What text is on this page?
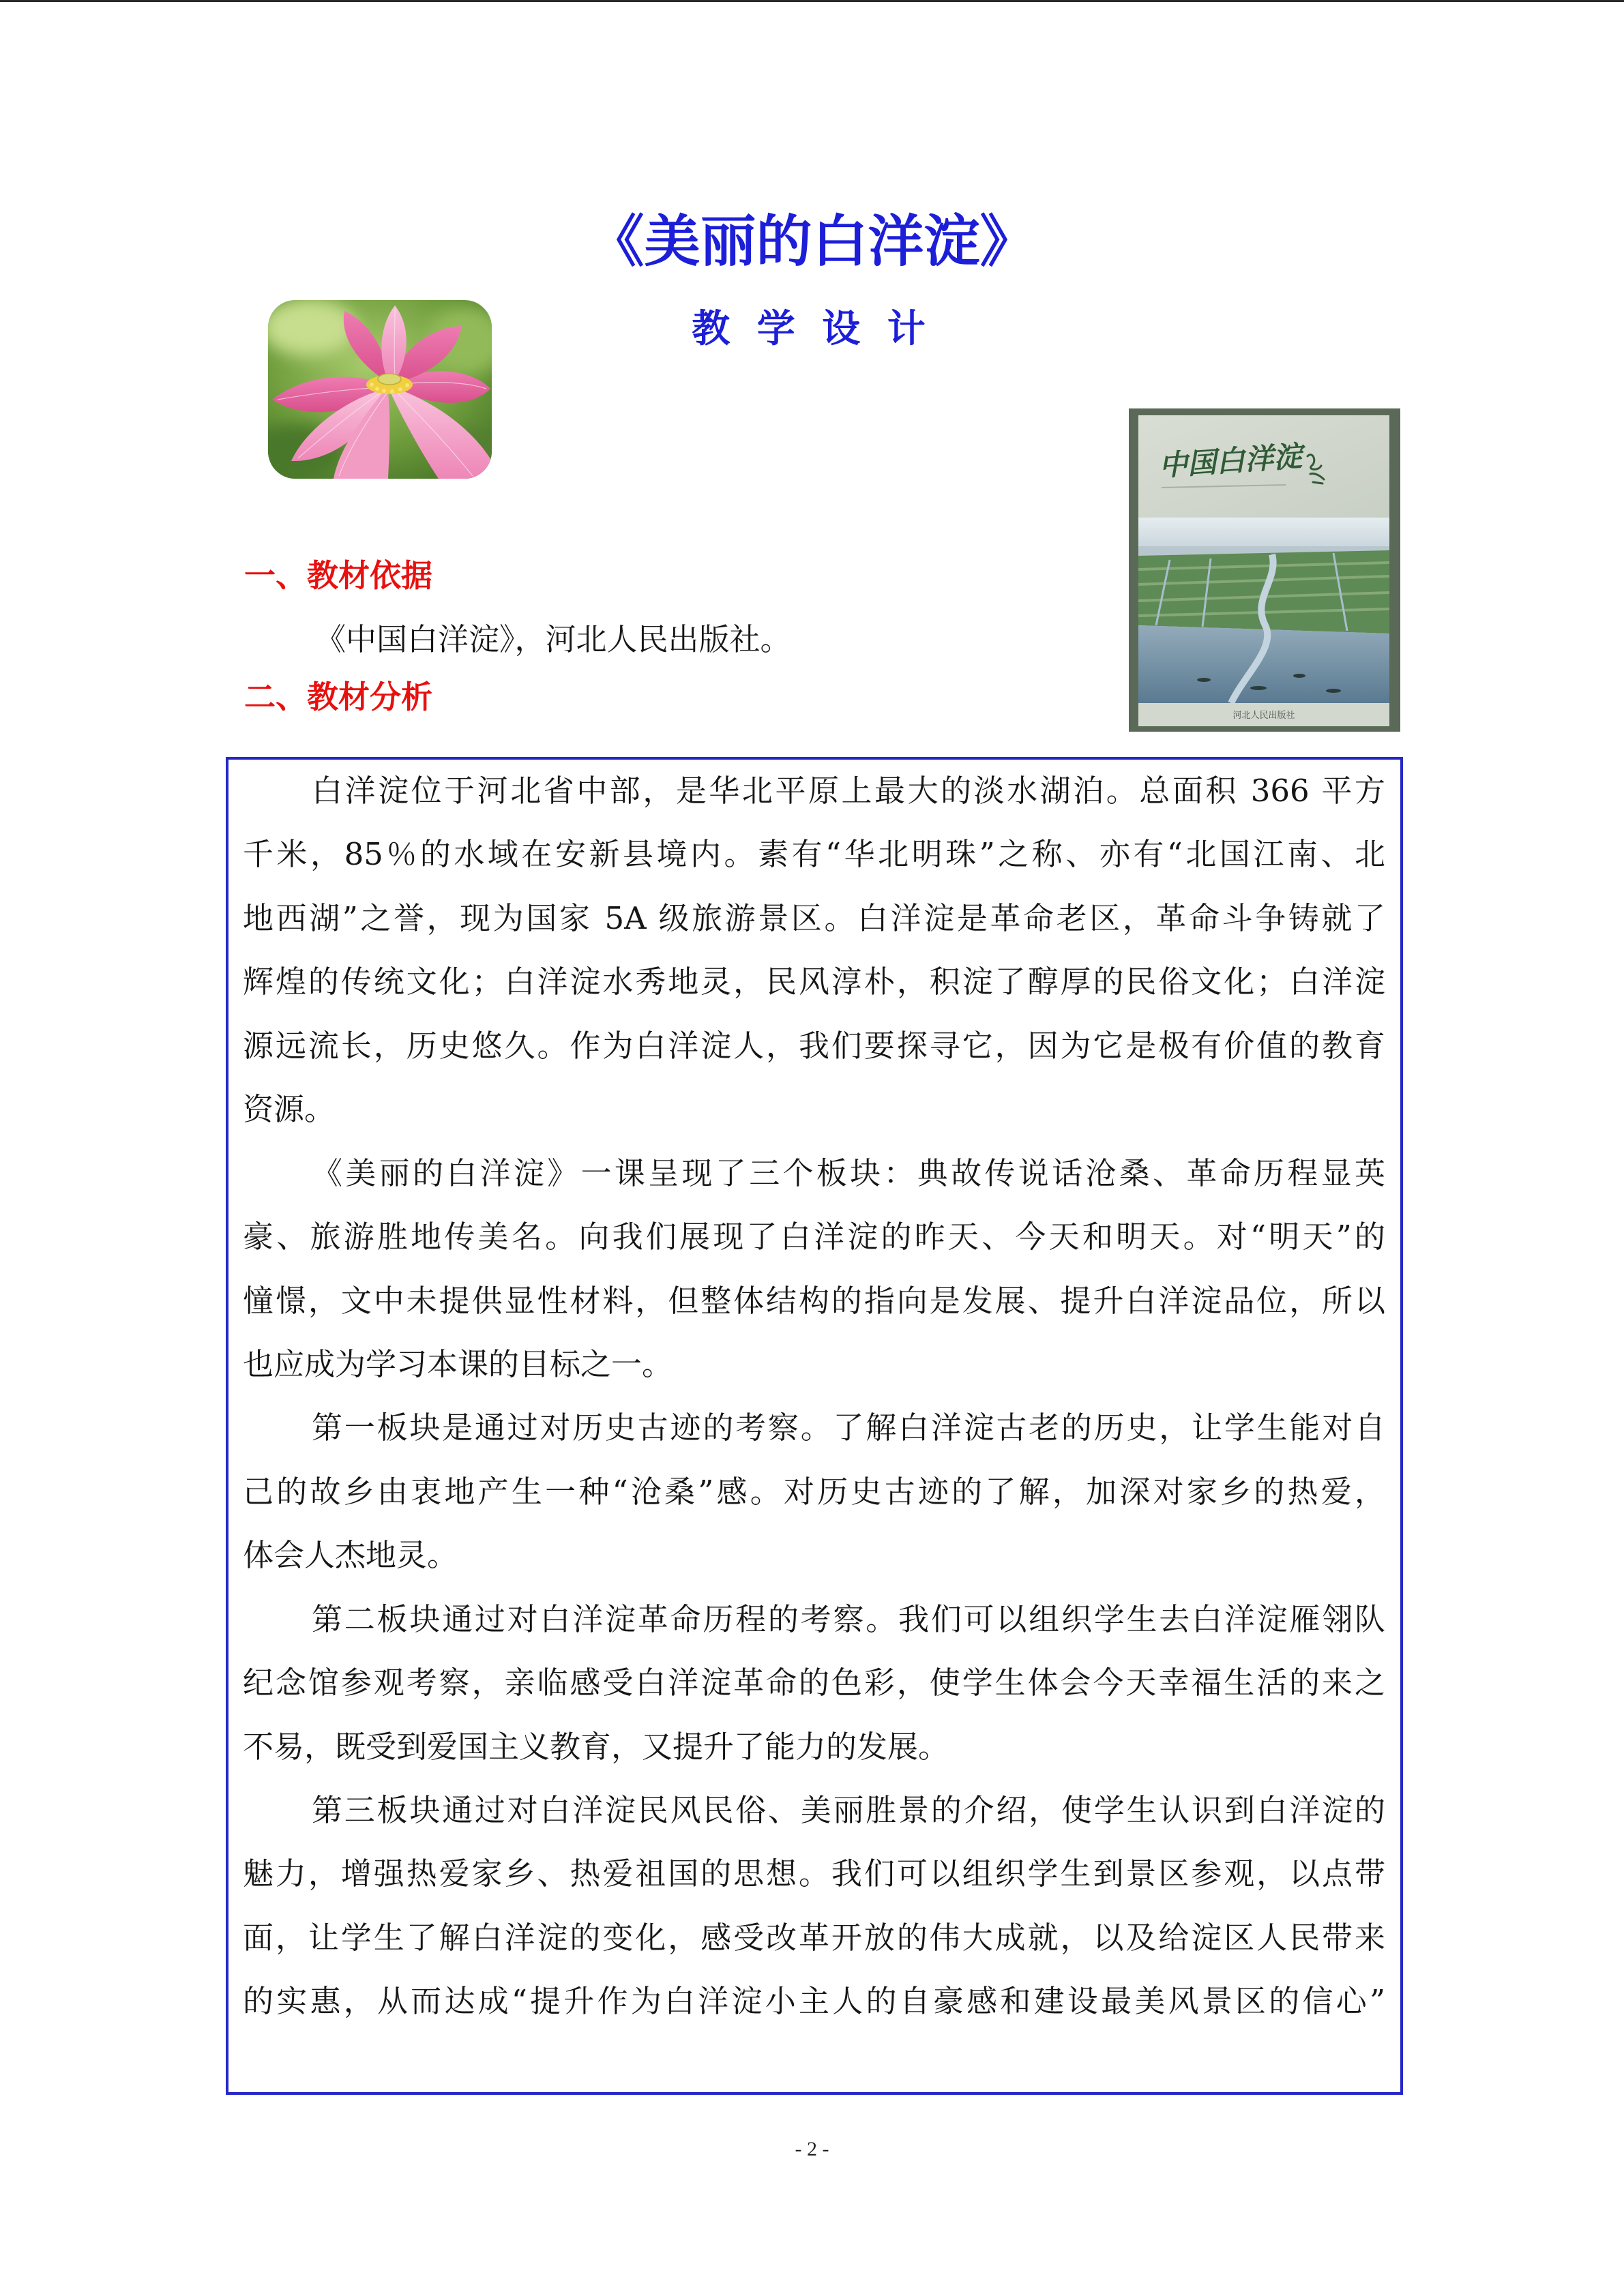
《美丽的白洋淀》
教 学 设 计
中国白洋淀
河北人民出版社
一、教材依据
《中国白洋淀》，河北人民出版社。
二、教材分析
白洋淀位于河北省中部，是华北平原上最大的淡水湖泊。总面积 366 平方
千米，85％的水域在安新县境内。素有“华北明珠”之称、亦有“北国江南、北
地西湖”之誉，现为国家 5A 级旅游景区。白洋淀是革命老区，革命斗争铸就了
辉煌的传统文化；白洋淀水秀地灵，民风淳朴，积淀了醇厚的民俗文化；白洋淀
源远流长，历史悠久。作为白洋淀人，我们要探寻它，因为它是极有价值的教育
资源。
《美丽的白洋淀》一课呈现了三个板块：典故传说话沧桑、革命历程显英
豪、旅游胜地传美名。向我们展现了白洋淀的昨天、今天和明天。对“明天”的
憧憬，文中未提供显性材料，但整体结构的指向是发展、提升白洋淀品位，所以
也应成为学习本课的目标之一。
第一板块是通过对历史古迹的考察。了解白洋淀古老的历史，让学生能对自
己的故乡由衷地产生一种“沧桑”感。对历史古迹的了解，加深对家乡的热爱，
体会人杰地灵。
第二板块通过对白洋淀革命历程的考察。我们可以组织学生去白洋淀雁翎队
纪念馆参观考察，亲临感受白洋淀革命的色彩，使学生体会今天幸福生活的来之
不易，既受到爱国主义教育，又提升了能力的发展。
第三板块通过对白洋淀民风民俗、美丽胜景的介绍，使学生认识到白洋淀的
魅力，增强热爱家乡、热爱祖国的思想。我们可以组织学生到景区参观，以点带
面，让学生了解白洋淀的变化，感受改革开放的伟大成就，以及给淀区人民带来
的实惠，从而达成“提升作为白洋淀小主人的自豪感和建设最美风景区的信心”
- 2 -
